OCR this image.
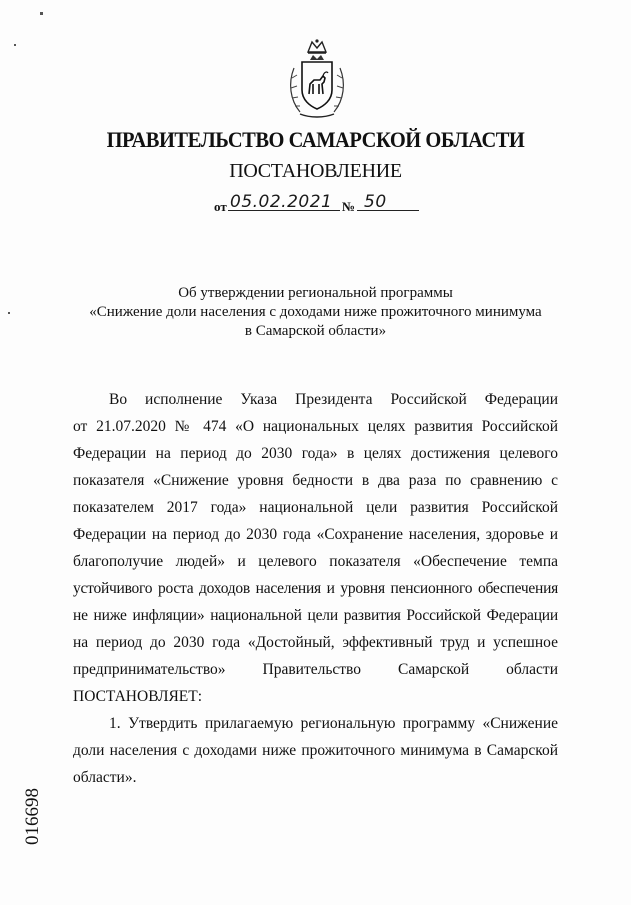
ПРАВИТЕЛЬСТВО САМАРСКОЙ ОБЛАСТИ
ПОСТАНОВЛЕНИЕ
от 05.02.2021 № 50
Об утверждении региональной программы
«Снижение доли населения с доходами ниже прожиточного минимума
в Самарской области»
Во исполнение Указа Президента Российской Федерации
от 21.07.2020 № 474 «О национальных целях развития Российской
Федерации на период до 2030 года» в целях достижения целевого
показателя «Снижение уровня бедности в два раза по сравнению с
показателем 2017 года» национальной цели развития Российской
Федерации на период до 2030 года «Сохранение населения, здоровье и
благополучие людей» и целевого показателя «Обеспечение темпа
устойчивого роста доходов населения и уровня пенсионного обеспечения
не ниже инфляции» национальной цели развития Российской Федерации
на период до 2030 года «Достойный, эффективный труд и успешное
предпринимательство» Правительство Самарской области
ПОСТАНОВЛЯЕТ:
1. Утвердить прилагаемую региональную программу «Снижение
доли населения с доходами ниже прожиточного минимума в Самарской
области».
016698
